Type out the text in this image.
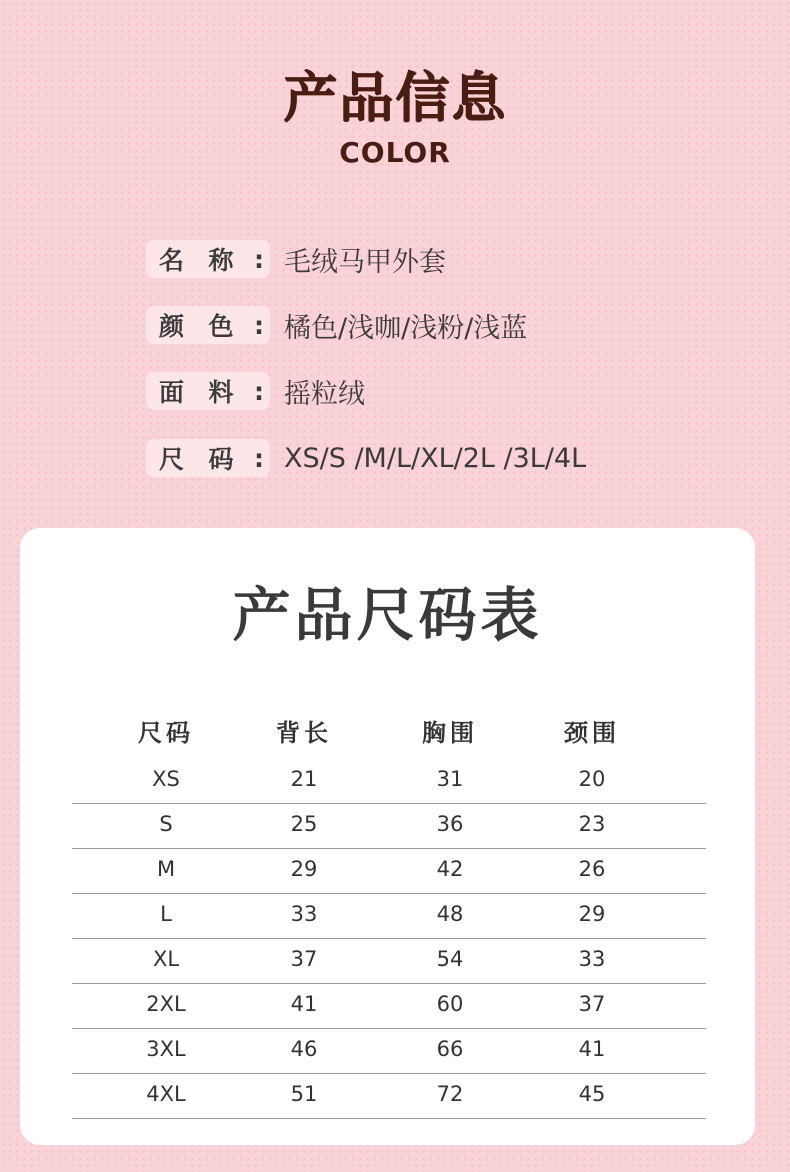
产品信息
COLOR
名 称 : 毛绒马甲外套
颜 色 : 橘色/浅咖/浅粉/浅蓝
面 料 : 摇粒绒
尺 码 : XS/S /M/L/XL/2L /3L/4L
产品尺码表
尺码	背长	胸围	颈围
XS	21	31	20
S	25	36	23
M	29	42	26
L	33	48	29
XL	37	54	33
2XL	41	60	37
3XL	46	66	41
4XL	51	72	45
